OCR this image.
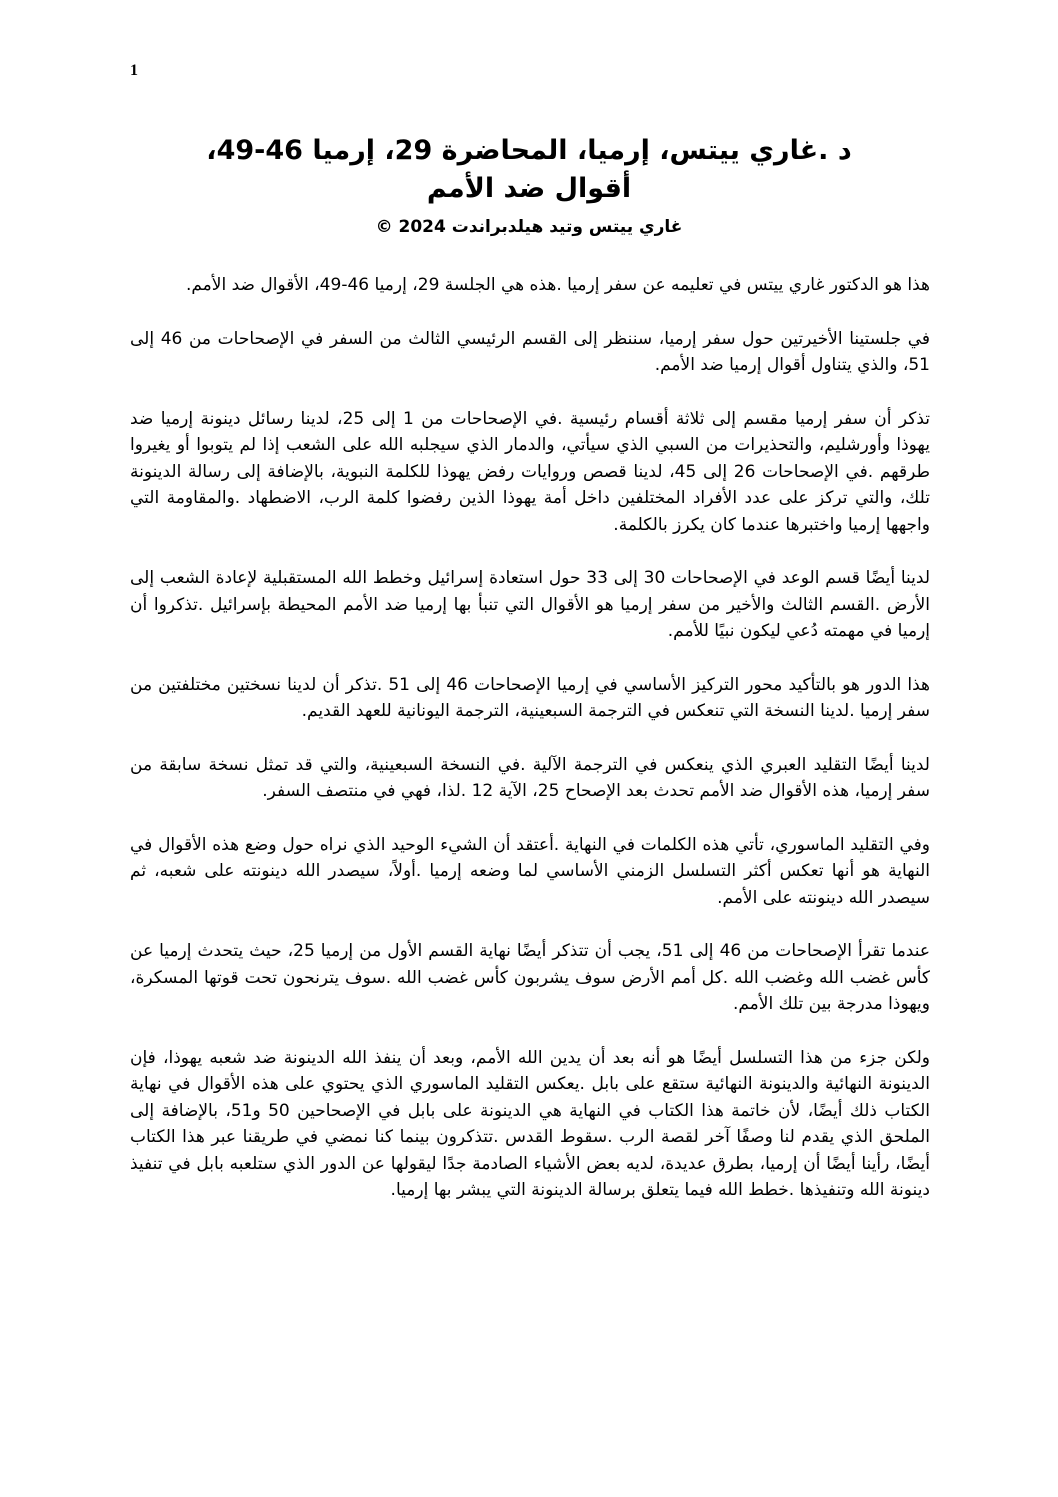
1

د .غاري ييتس، إرميا، المحاضرة 29، إرميا 46-49،

أقوال ضد الأمم

غاري ييتس وتيد هيلدبراندت 2024 ©

هذا هو الدكتور غاري ييتس في تعليمه عن سفر إرميا .هذه هي الجلسة 29، إرميا 46-49، الأقوال ضد الأمم.

في جلستينا الأخيرتين حول سفر إرميا، سننظر إلى القسم الرئيسي الثالث من السفر في الإصحاحات من 46 إلى 51، والذي يتناول أقوال إرميا ضد الأمم.

تذكر أن سفر إرميا مقسم إلى ثلاثة أقسام رئيسية .في الإصحاحات من 1 إلى 25، لدينا رسائل دينونة إرميا ضد يهوذا وأورشليم، والتحذيرات من السبي الذي سيأتي، والدمار الذي سيجلبه الله على الشعب إذا لم يتوبوا أو يغيروا طرقهم .في الإصحاحات 26 إلى 45، لدينا قصص وروايات رفض يهوذا للكلمة النبوية، بالإضافة إلى رسالة الدينونة تلك، والتي تركز على عدد الأفراد المختلفين داخل أمة يهوذا الذين رفضوا كلمة الرب، الاضطهاد .والمقاومة التي واجهها إرميا واختبرها عندما كان يكرز بالكلمة.

لدينا أيضًا قسم الوعد في الإصحاحات 30 إلى 33 حول استعادة إسرائيل وخطط الله المستقبلية لإعادة الشعب إلى الأرض .القسم الثالث والأخير من سفر إرميا هو الأقوال التي تنبأ بها إرميا ضد الأمم المحيطة بإسرائيل .تذكروا أن إرميا في مهمته دُعي ليكون نبيًا للأمم.

هذا الدور هو بالتأكيد محور التركيز الأساسي في إرميا الإصحاحات 46 إلى 51 .تذكر أن لدينا نسختين مختلفتين من سفر إرميا .لدينا النسخة التي تنعكس في الترجمة السبعينية، الترجمة اليونانية للعهد القديم.

لدينا أيضًا التقليد العبري الذي ينعكس في الترجمة الآلية .في النسخة السبعينية، والتي قد تمثل نسخة سابقة من سفر إرميا، هذه الأقوال ضد الأمم تحدث بعد الإصحاح 25، الآية 12 .لذا، فهي في منتصف السفر.

وفي التقليد الماسوري، تأتي هذه الكلمات في النهاية .أعتقد أن الشيء الوحيد الذي نراه حول وضع هذه الأقوال في النهاية هو أنها تعكس أكثر التسلسل الزمني الأساسي لما وضعه إرميا .أولاً، سيصدر الله دينونته على شعبه، ثم سيصدر الله دينونته على الأمم.

عندما تقرأ الإصحاحات من 46 إلى 51، يجب أن تتذكر أيضًا نهاية القسم الأول من إرميا 25، حيث يتحدث إرميا عن كأس غضب الله وغضب الله .كل أمم الأرض سوف يشربون كأس غضب الله .سوف يترنحون تحت قوتها المسكرة، ويهوذا مدرجة بين تلك الأمم.

ولكن جزء من هذا التسلسل أيضًا هو أنه بعد أن يدين الله الأمم، وبعد أن ينفذ الله الدينونة ضد شعبه يهوذا، فإن الدينونة النهائية والدينونة النهائية ستقع على بابل .يعكس التقليد الماسوري الذي يحتوي على هذه الأقوال في نهاية الكتاب ذلك أيضًا، لأن خاتمة هذا الكتاب في النهاية هي الدينونة على بابل في الإصحاحين 50 و51، بالإضافة إلى الملحق الذي يقدم لنا وصفًا آخر لقصة الرب .سقوط القدس .تتذكرون بينما كنا نمضي في طريقنا عبر هذا الكتاب أيضًا، رأينا أيضًا أن إرميا، بطرق عديدة، لديه بعض الأشياء الصادمة جدًا ليقولها عن الدور الذي ستلعبه بابل في تنفيذ دينونة الله وتنفيذها .خطط الله فيما يتعلق برسالة الدينونة التي يبشر بها إرميا.
